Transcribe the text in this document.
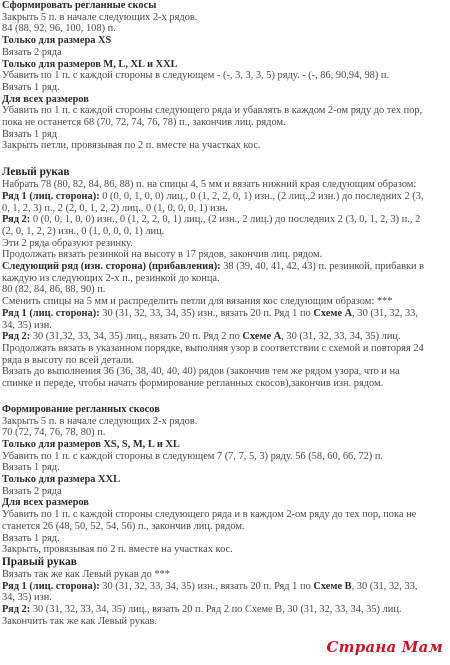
Сформировать регланные скосы
Закрыть 5 п. в начале следующих 2-х рядов.
84 (88, 92, 96, 100, 108) п.
Только для размера XS
Вязать 2 ряда
Только для размеров M, L, XL и XXL
Убавить по 1 п. с каждой стороны в следующем - (-, 3, 3, 3, 5) ряду. - (-, 86, 90,94, 98) п.
Вязать 1 ряд.
Для всех размеров
Убавить по 1 п. с каждой стороны следующего ряда и убавлять в каждом 2-ом ряду до тех пор,
пока не останется 68 (70, 72, 74, 76, 78) п., закончив лиц. рядом.
Вязать 1 ряд
Закрыть петли, провязывая по 2 п. вместе на участках кос.
Левый рукав
Набрать 78 (80, 82, 84, 86, 88) п. на спицы 4, 5 мм и вязать нижний края следующим образом:
Ряд 1 (лиц. сторона): 0 (0, 0, 1, 0, 0) лиц., 0 (1, 2, 2, 0, 1) изн., (2 лиц.,2 изн.) до последних 2 (3,
0, 1, 2, 3) п., 2 (2, 0, 1, 2, 2) лиц., 0 (1, 0, 0, 0, 1) изн.
Ряд 2: 0 (0, 0, 1, 0, 0) изн., 0 (1, 2, 2, 0, 1) лиц., (2 изн., 2 лиц.) до последних 2 (3, 0, 1, 2, 3) п., 2
(2, 0, 1, 2, 2) изн., 0 (1, 0, 0, 0, 1) лиц.
Эти 2 ряда образуют резинку.
Продолжать вязать резинкой на высоту в 17 рядов, закончив лиц. рядом.
Следующий ряд (изн. сторона) (прибавления): 38 (39, 40, 41, 42, 43) п. резинкой, прибавки в
каждую из следующих 2-х п., резинкой до конца.
80 (82, 84, 86, 88, 90) п.
Сменить спицы на 5 мм и распределить петли для вязания кос следующим образом: ***
Ряд 1 (лиц. сторона): 30 (31, 32, 33, 34, 35) изн., вязать 20 п. Ряд 1 по Схеме А, 30 (31, 32, 33,
34, 35) изн.
Ряд 2: 30 (31,32, 33, 34, 35) лиц., вязать 20 п. Ряд 2 по Схеме А, 30 (31, 32, 33, 34, 35) лиц.
Продолжать вязать в указанном порядке, выполняя узор в соответствии с схемой и повторяя 24
ряда в высоту по всей детали.
Вязать до выполнения 36 (36, 38, 40, 40, 40) рядов (закончив тем же рядом узора, что и на
спинке и переде, чтобы начать формирование регланных скосов),закончив изн. рядом.
Формирование регланных скосов
Закрыть 5 п. в начале следующих 2-х рядов.
70 (72, 74, 76, 78, 80) п.
Только для размеров XS, S, M, L и XL
Убавить по 1 п. с каждой стороны в следующем 7 (7, 7, 5, 3) ряду. 56 (58, 60, 66, 72) п.
Вязать 1 ряд.
Только для размера XXL
Вязать 2 ряда
Для всех размеров
Убавить по 1 п. с каждой стороны следующего ряда и в каждом 2-ом ряду до тех пор, пока не
станется 26 (48, 50, 52, 54, 56) п., закончив лиц. рядом.
Вязать 1 ряд.
Закрыть, провязывая по 2 п. вместе на участках кос.
Правый рукав
Вязать так же как Левый рукав до ***
Ряд 1 (лиц. сторона): 30 (31, 32, 33, 34, 35) изн., вязать 20 п. Ряд 1 по Схеме В, 30 (31, 32, 33,
34, 35) изн.
Ряд 2: 30 (31, 32, 33, 34, 35) лиц., вязать 20 п. Ряд 2 по Схеме В, 30 (31, 32, 33, 34, 35) лиц.
Закончить так же как Левый рукав.
Страна Мам
